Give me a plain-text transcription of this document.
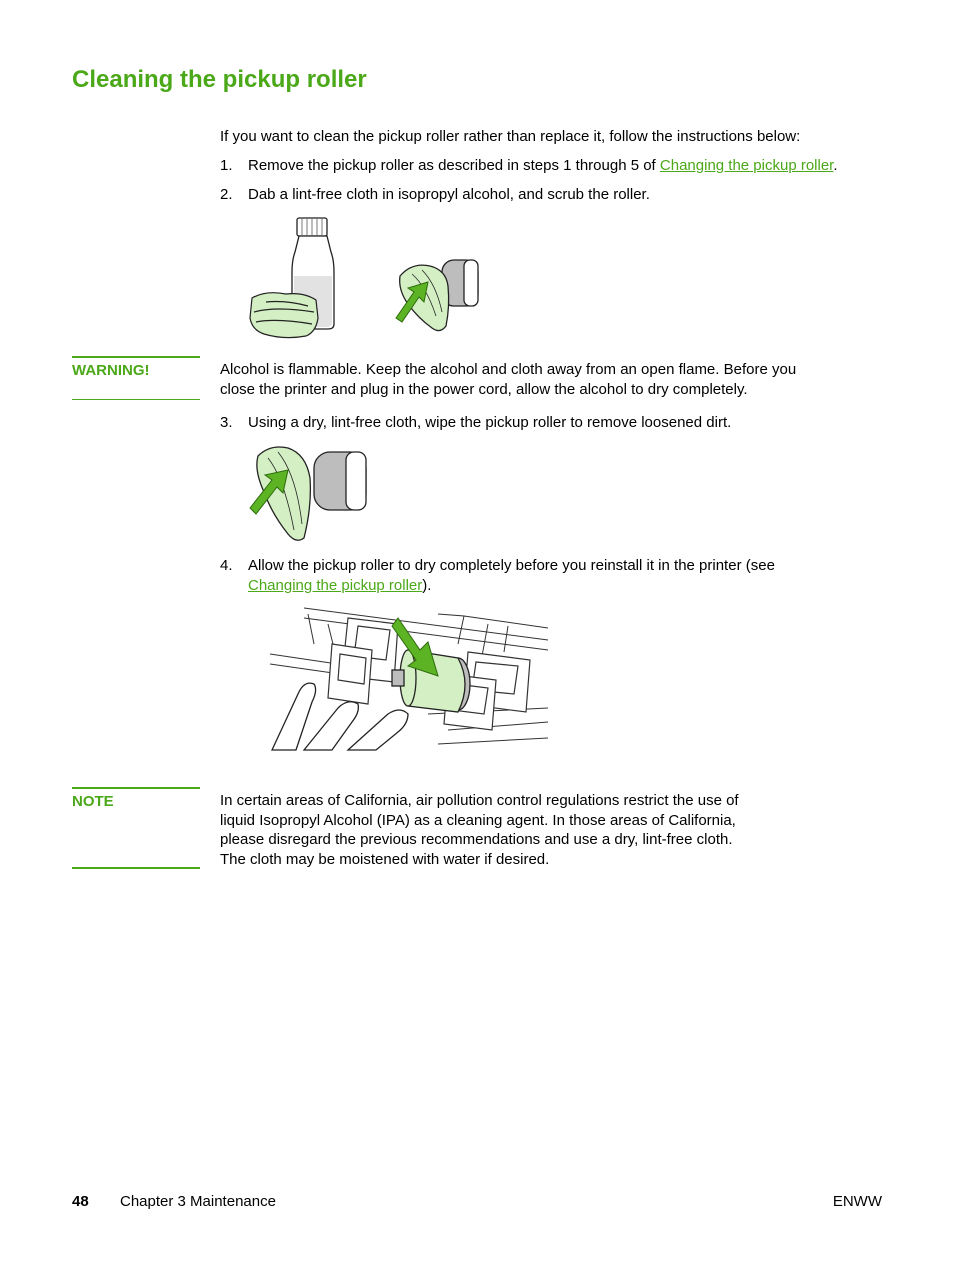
Cleaning the pickup roller
If you want to clean the pickup roller rather than replace it, follow the instructions below:
1. Remove the pickup roller as described in steps 1 through 5 of Changing the pickup roller.
2. Dab a lint-free cloth in isopropyl alcohol, and scrub the roller.
WARNING!	Alcohol is flammable. Keep the alcohol and cloth away from an open flame. Before you
close the printer and plug in the power cord, allow the alcohol to dry completely.
3. Using a dry, lint-free cloth, wipe the pickup roller to remove loosened dirt.
4. Allow the pickup roller to dry completely before you reinstall it in the printer (see
Changing the pickup roller).
NOTE	In certain areas of California, air pollution control regulations restrict the use of
liquid Isopropyl Alcohol (IPA) as a cleaning agent. In those areas of California,
please disregard the previous recommendations and use a dry, lint-free cloth.
The cloth may be moistened with water if desired.
48 Chapter 3 Maintenance	ENWW
